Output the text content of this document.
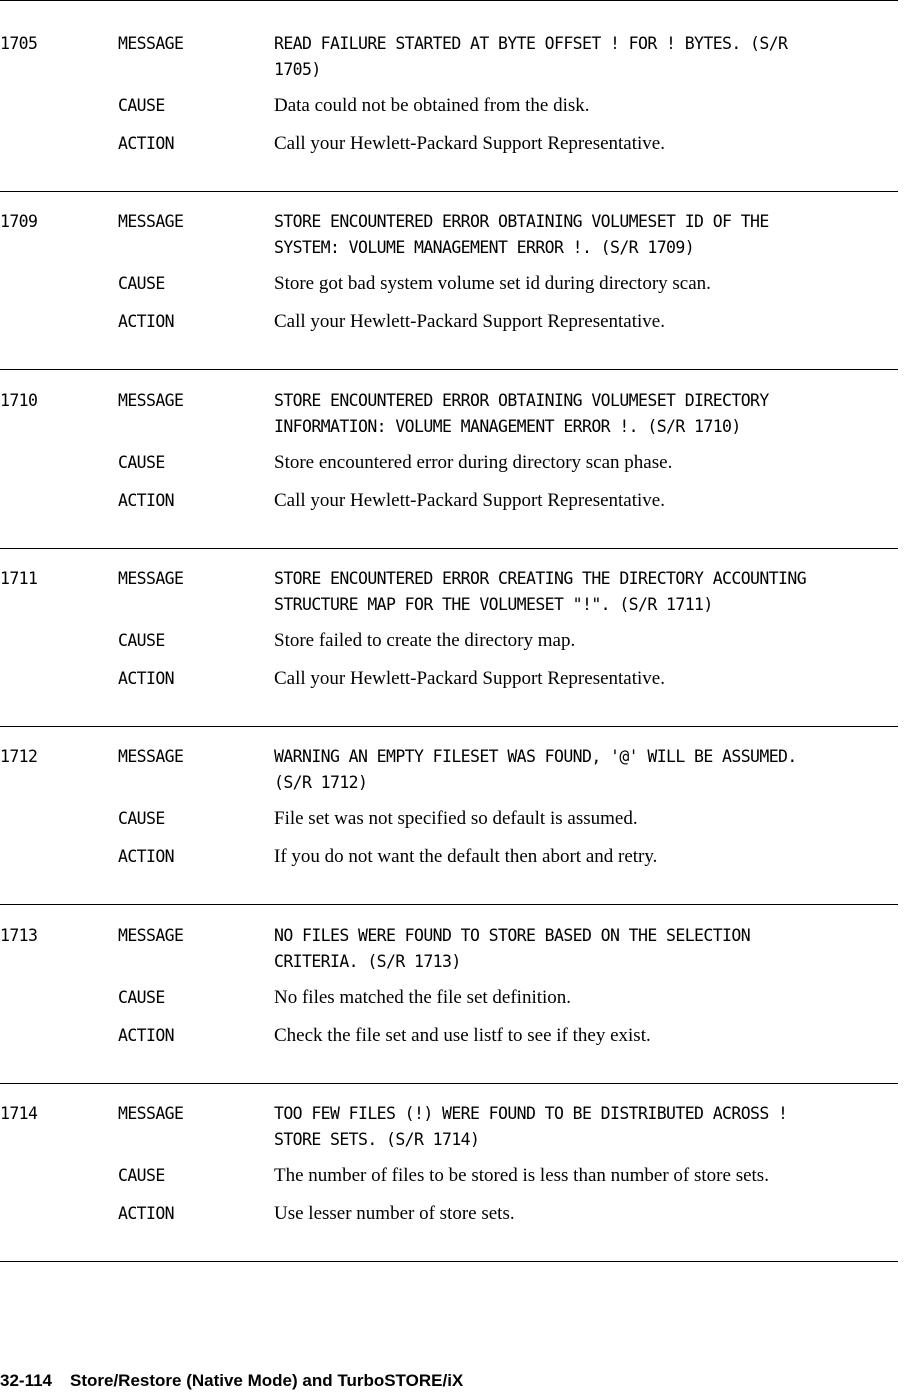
1705	MESSAGE	READ FAILURE STARTED AT BYTE OFFSET ! FOR ! BYTES. (S/R
1705)
CAUSE	Data could not be obtained from the disk.
ACTION	Call your Hewlett-Packard Support Representative.
1709	MESSAGE	STORE ENCOUNTERED ERROR OBTAINING VOLUMESET ID OF THE
SYSTEM: VOLUME MANAGEMENT ERROR !. (S/R 1709)
CAUSE	Store got bad system volume set id during directory scan.
ACTION	Call your Hewlett-Packard Support Representative.
1710	MESSAGE	STORE ENCOUNTERED ERROR OBTAINING VOLUMESET DIRECTORY
INFORMATION: VOLUME MANAGEMENT ERROR !. (S/R 1710)
CAUSE	Store encountered error during directory scan phase.
ACTION	Call your Hewlett-Packard Support Representative.
1711	MESSAGE	STORE ENCOUNTERED ERROR CREATING THE DIRECTORY ACCOUNTING
STRUCTURE MAP FOR THE VOLUMESET "!". (S/R 1711)
CAUSE	Store failed to create the directory map.
ACTION	Call your Hewlett-Packard Support Representative.
1712	MESSAGE	WARNING AN EMPTY FILESET WAS FOUND, '@' WILL BE ASSUMED.
(S/R 1712)
CAUSE	File set was not specified so default is assumed.
ACTION	If you do not want the default then abort and retry.
1713	MESSAGE	NO FILES WERE FOUND TO STORE BASED ON THE SELECTION
CRITERIA. (S/R 1713)
CAUSE	No files matched the file set definition.
ACTION	Check the file set and use listf to see if they exist.
1714	MESSAGE	TOO FEW FILES (!) WERE FOUND TO BE DISTRIBUTED ACROSS !
STORE SETS. (S/R 1714)
CAUSE	The number of files to be stored is less than number of store sets.
ACTION	Use lesser number of store sets.
32-114 Store/Restore (Native Mode) and TurboSTORE/iX
